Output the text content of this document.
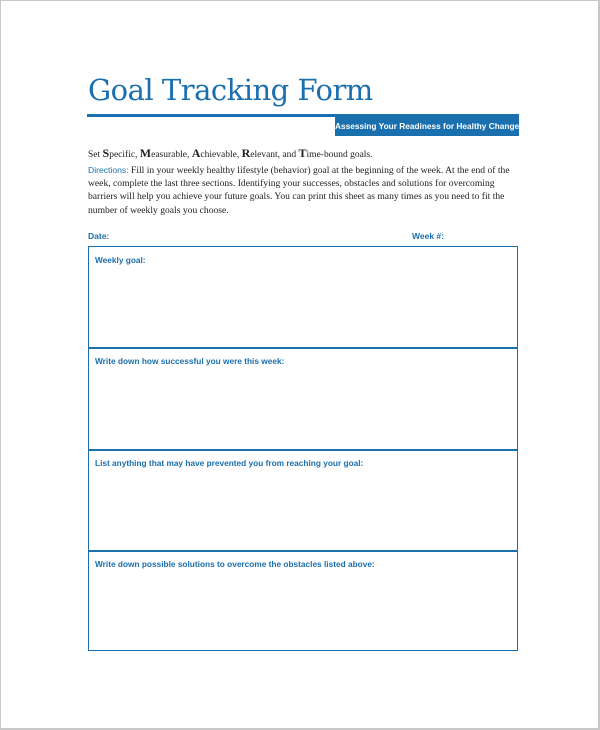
Goal Tracking Form
Assessing Your Readiness for Healthy Change

Set Specific, Measurable, Achievable, Relevant, and Time-bound goals.

Directions: Fill in your weekly healthy lifestyle (behavior) goal at the beginning of the week. At the end of the week, complete the last three sections. Identifying your successes, obstacles and solutions for overcoming barriers will help you achieve your future goals. You can print this sheet as many times as you need to fit the number of weekly goals you choose.

Date:	Week #:
Weekly goal:
Write down how successful you were this week:
List anything that may have prevented you from reaching your goal:
Write down possible solutions to overcome the obstacles listed above:
